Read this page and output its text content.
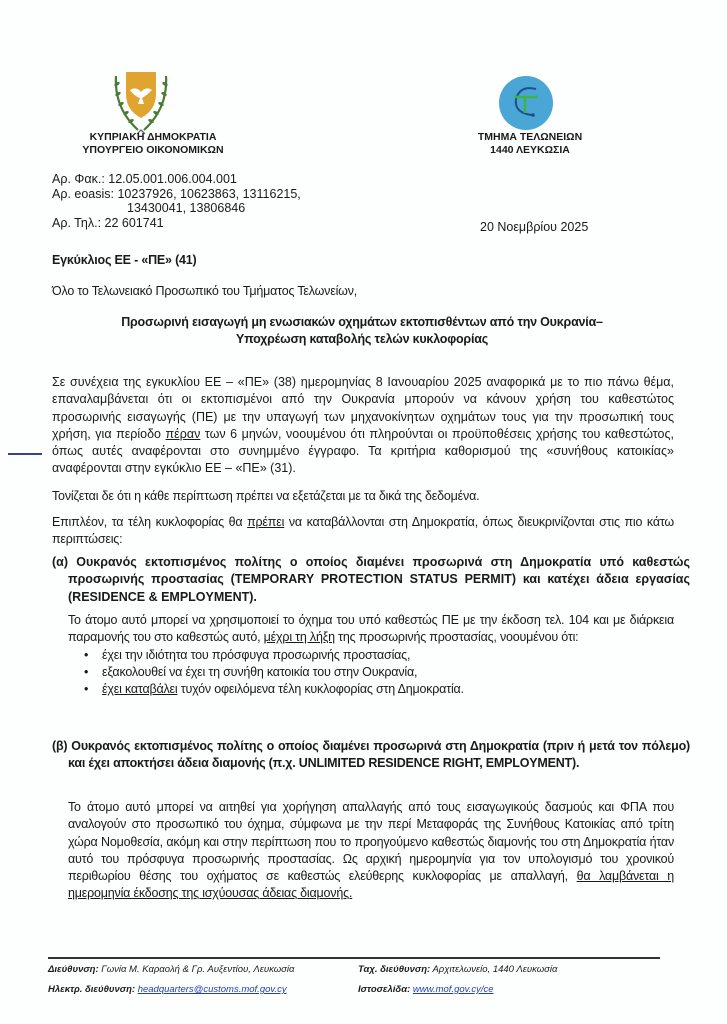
ΚΥΠΡΙΑΚΗ ΔΗΜΟΚΡΑΤΙΑ
ΥΠΟΥΡΓΕΙΟ ΟΙΚΟΝΟΜΙΚΩΝ
ΤΜΗΜΑ ΤΕΛΩΝΕΙΩΝ
1440 ΛΕΥΚΩΣΙΑ
Αρ. Φακ.: 12.05.001.006.004.001
Αρ. eoasis: 10237926, 10623863, 13116215,
13430041, 13806846
Αρ. Τηλ.: 22 601741	20 Νοεμβρίου 2025
Εγκύκλιος ΕΕ - «ΠΕ» (41)
Όλο το Τελωνειακό Προσωπικό του Τμήματος Τελωνείων,
Προσωρινή εισαγωγή μη ενωσιακών οχημάτων εκτοπισθέντων από την Ουκρανία–
Υποχρέωση καταβολής τελών κυκλοφορίας
Σε συνέχεια της εγκυκλίου ΕΕ – «ΠΕ» (38) ημερομηνίας 8 Ιανουαρίου 2025 αναφορικά με το πιο πάνω θέμα, επαναλαμβάνεται ότι οι εκτοπισμένοι από την Ουκρανία μπορούν να κάνουν χρήση του καθεστώτος προσωρινής εισαγωγής (ΠΕ) με την υπαγωγή των μηχανοκίνητων οχημάτων τους για την προσωπική τους χρήση, για περίοδο πέραν των 6 μηνών, νοουμένου ότι πληρούνται οι προϋποθέσεις χρήσης του καθεστώτος, όπως αυτές αναφέρονται στο συνημμένο έγγραφο. Τα κριτήρια καθορισμού της «συνήθους κατοικίας» αναφέρονται στην εγκύκλιο ΕΕ – «ΠΕ» (31).
Τονίζεται δε ότι η κάθε περίπτωση πρέπει να εξετάζεται με τα δικά της δεδομένα.
Επιπλέον, τα τέλη κυκλοφορίας θα πρέπει να καταβάλλονται στη Δημοκρατία, όπως διευκρινίζονται στις πιο κάτω περιπτώσεις:
(α) Ουκρανός εκτοπισμένος πολίτης ο οποίος διαμένει προσωρινά στη Δημοκρατία υπό καθεστώς προσωρινής προστασίας (TEMPORARY PROTECTION STATUS PERMIT) και κατέχει άδεια εργασίας (RESIDENCE & EMPLOYMENT).
Το άτομο αυτό μπορεί να χρησιμοποιεί το όχημα του υπό καθεστώς ΠΕ με την έκδοση τελ. 104 και με διάρκεια παραμονής του στο καθεστώς αυτό, μέχρι τη λήξη της προσωρινής προστασίας, νοουμένου ότι:
• έχει την ιδιότητα του πρόσφυγα προσωρινής προστασίας,
• εξακολουθεί να έχει τη συνήθη κατοικία του στην Ουκρανία,
• έχει καταβάλει τυχόν οφειλόμενα τέλη κυκλοφορίας στη Δημοκρατία.
(β) Ουκρανός εκτοπισμένος πολίτης ο οποίος διαμένει προσωρινά στη Δημοκρατία (πριν ή μετά τον πόλεμο) και έχει αποκτήσει άδεια διαμονής (π.χ. UNLIMITED RESIDENCE RIGHT, EMPLOYMENT).
Το άτομο αυτό μπορεί να αιτηθεί για χορήγηση απαλλαγής από τους εισαγωγικούς δασμούς και ΦΠΑ που αναλογούν στο προσωπικό του όχημα, σύμφωνα με την περί Μεταφοράς της Συνήθους Κατοικίας από τρίτη χώρα Νομοθεσία, ακόμη και στην περίπτωση που το προηγούμενο καθεστώς διαμονής του στη Δημοκρατία ήταν αυτό του πρόσφυγα προσωρινής προστασίας. Ως αρχική ημερομηνία για τον υπολογισμό του χρονικού περιθωρίου θέσης του οχήματος σε καθεστώς ελεύθερης κυκλοφορίας με απαλλαγή, θα λαμβάνεται η ημερομηνία έκδοσης της ισχύουσας άδειας διαμονής.
Διεύθυνση: Γωνία Μ. Καραολή & Γρ. Αυξεντίου, Λευκωσία
Ηλεκτρ. διεύθυνση: headquarters@customs.mof.gov.cy
Ταχ. διεύθυνση: Αρχιτελωνείο, 1440 Λευκωσία
Ιστοσελίδα: www.mof.gov.cy/ce
